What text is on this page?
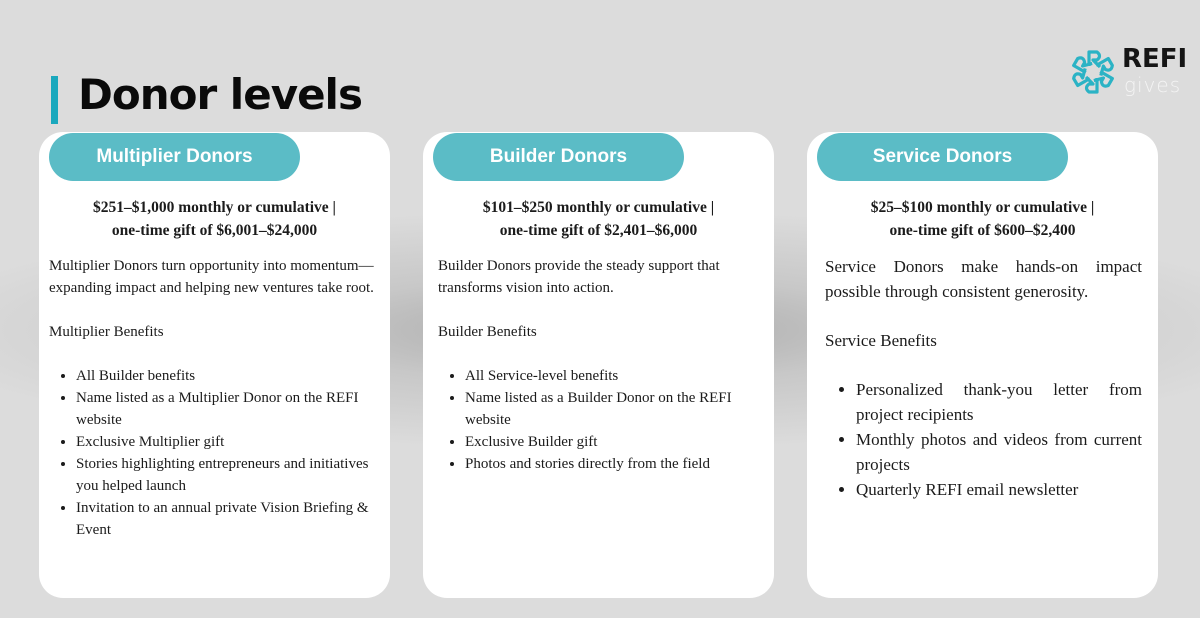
Donor levels
REFI
gives
Multiplier Donors
$251–$1,000 monthly or cumulative |
one-time gift of $6,001–$24,000

Multiplier Donors turn opportunity into momentum—expanding impact and helping new ventures take root.

Multiplier Benefits

• All Builder benefits
• Name listed as a Multiplier Donor on the REFI website
• Exclusive Multiplier gift
• Stories highlighting entrepreneurs and initiatives you helped launch
• Invitation to an annual private Vision Briefing & Event
Builder Donors
$101–$250 monthly or cumulative |
one-time gift of $2,401–$6,000

Builder Donors provide the steady support that transforms vision into action.

Builder Benefits

• All Service-level benefits
• Name listed as a Builder Donor on the REFI website
• Exclusive Builder gift
• Photos and stories directly from the field
Service Donors
$25–$100 monthly or cumulative |
one-time gift of $600–$2,400

Service Donors make hands-on impact possible through consistent generosity.

Service Benefits

• Personalized thank-you letter from project recipients
• Monthly photos and videos from current projects
• Quarterly REFI email newsletter
